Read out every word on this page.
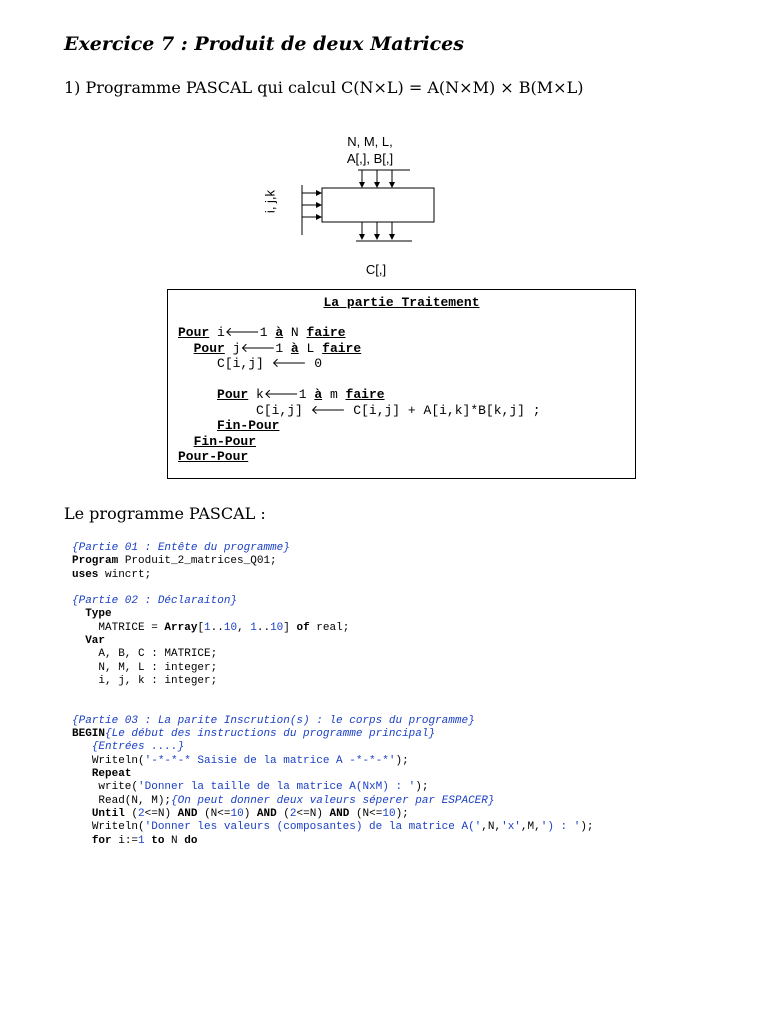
Exercice 7 : Produit de deux Matrices
1) Programme PASCAL qui calcul C(N×L) = A(N×M) × B(M×L)
N, M, L,
A[,], B[,]
i, j,k
C[,]
La partie Traitement
Pour i🡐1 à N faire
Pour j🡐1 à L faire
C[i,j] 🡐 0

Pour k🡐1 à m faire
C[i,j] 🡐 C[i,j] + A[i,k]*B[k,j] ;
Fin-Pour
Fin-Pour
Pour-Pour
Le programme PASCAL :
{Partie 01 : Entête du programme}
Program Produit_2_matrices_Q01;
uses wincrt;

{Partie 02 : Déclaraiton}
Type
MATRICE = Array[1..10, 1..10] of real;
Var
A, B, C : MATRICE;
N, M, L : integer;
i, j, k : integer;

{Partie 03 : La parite Inscrution(s) : le corps du programme}
BEGIN{Le début des instructions du programme principal}
{Entrées ....}
Writeln('-*-*-* Saisie de la matrice A -*-*-*');
Repeat
write('Donner la taille de la matrice A(NxM) : ');
Read(N, M);{On peut donner deux valeurs séperer par ESPACER}
Until (2<=N) AND (N<=10) AND (2<=N) AND (N<=10);
Writeln('Donner les valeurs (composantes) de la matrice A(',N,'x',M,') : ');
for i:=1 to N do
